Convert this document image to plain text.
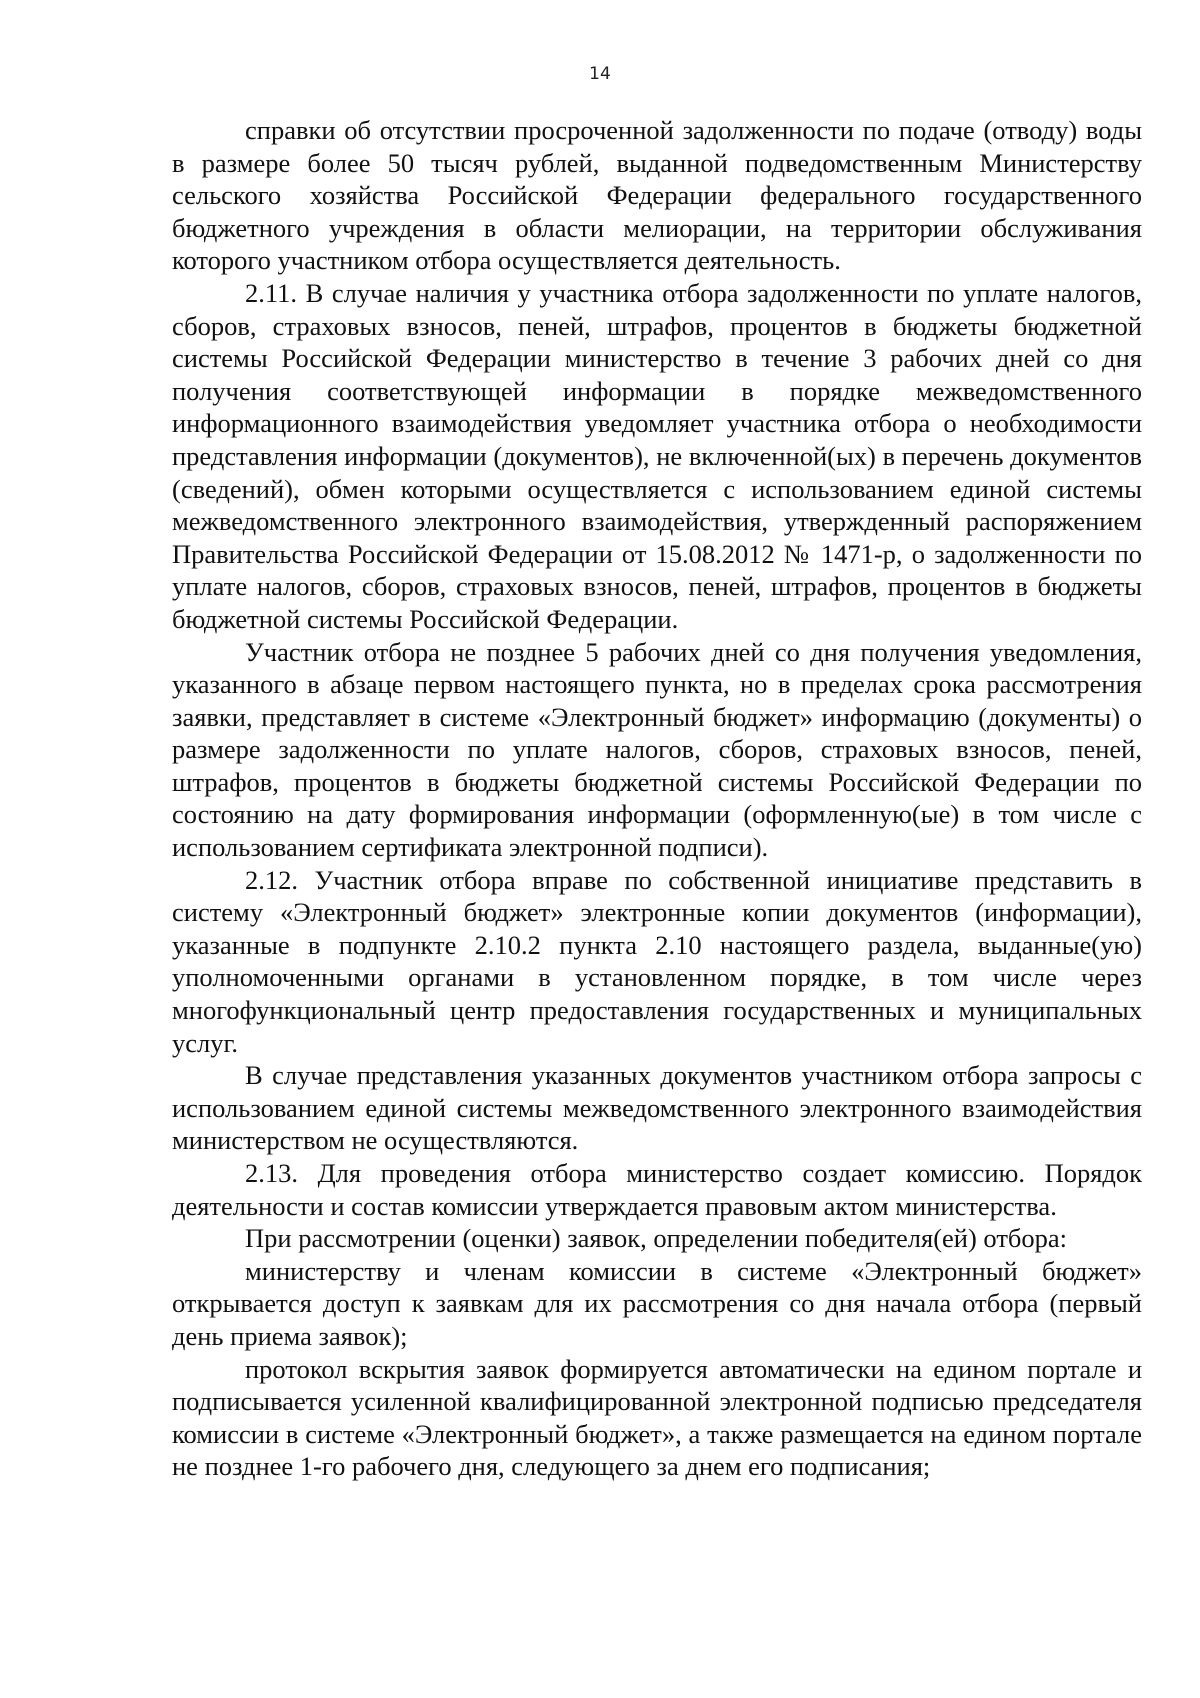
14

справки об отсутствии просроченной задолженности по подаче (отводу) воды в размере более 50 тысяч рублей, выданной подведомственным Министерству сельского хозяйства Российской Федерации федерального государственного бюджетного учреждения в области мелиорации, на территории обслуживания которого участником отбора осуществляется деятельность.

2.11. В случае наличия у участника отбора задолженности по уплате налогов, сборов, страховых взносов, пеней, штрафов, процентов в бюджеты бюджетной системы Российской Федерации министерство в течение 3 рабочих дней со дня получения соответствующей информации в порядке межведомственного информационного взаимодействия уведомляет участника отбора о необходимости представления информации (документов), не включенной(ых) в перечень документов (сведений), обмен которыми осуществляется с использованием единой системы межведомственного электронного взаимодействия, утвержденный распоряжением Правительства Российской Федерации от 15.08.2012 № 1471-р, о задолженности по уплате налогов, сборов, страховых взносов, пеней, штрафов, процентов в бюджеты бюджетной системы Российской Федерации.

Участник отбора не позднее 5 рабочих дней со дня получения уведомления, указанного в абзаце первом настоящего пункта, но в пределах срока рассмотрения заявки, представляет в системе «Электронный бюджет» информацию (документы) о размере задолженности по уплате налогов, сборов, страховых взносов, пеней, штрафов, процентов в бюджеты бюджетной системы Российской Федерации по состоянию на дату формирования информации (оформленную(ые) в том числе с использованием сертификата электронной подписи).

2.12. Участник отбора вправе по собственной инициативе представить в систему «Электронный бюджет» электронные копии документов (информации), указанные в подпункте 2.10.2 пункта 2.10 настоящего раздела, выданные(ую) уполномоченными органами в установленном порядке, в том числе через многофункциональный центр предоставления государственных и муниципальных услуг.

В случае представления указанных документов участником отбора запросы с использованием единой системы межведомственного электронного взаимодействия министерством не осуществляются.

2.13. Для проведения отбора министерство создает комиссию. Порядок деятельности и состав комиссии утверждается правовым актом министерства.

При рассмотрении (оценки) заявок, определении победителя(ей) отбора:

министерству и членам комиссии в системе «Электронный бюджет» открывается доступ к заявкам для их рассмотрения со дня начала отбора (первый день приема заявок);

протокол вскрытия заявок формируется автоматически на едином портале и подписывается усиленной квалифицированной электронной подписью председателя комиссии в системе «Электронный бюджет», а также размещается на едином портале не позднее 1-го рабочего дня, следующего за днем его подписания;
